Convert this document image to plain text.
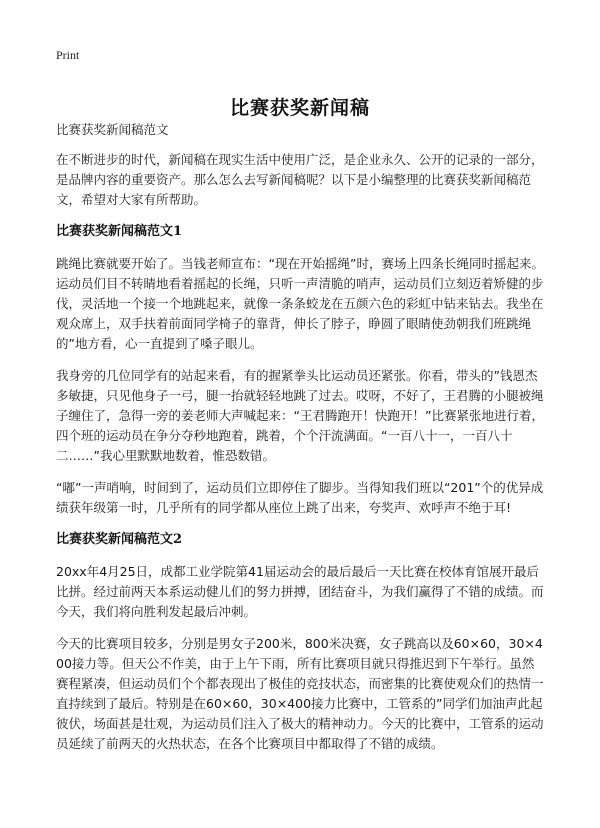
Print
比赛获奖新闻稿

比赛获奖新闻稿范文

在不断进步的时代，新闻稿在现实生活中使用广泛，是企业永久、公开的记录的一部分，是品牌内容的重要资产。那么怎么去写新闻稿呢？以下是小编整理的比赛获奖新闻稿范文，希望对大家有所帮助。

比赛获奖新闻稿范文1

跳绳比赛就要开始了。当钱老师宣布：“现在开始摇绳”时，赛场上四条长绳同时摇起来。运动员们目不转睛地看着摇起的长绳，只听一声清脆的哨声，运动员们立刻迈着矫健的步伐，灵活地一个接一个地跳起来，就像一条条蛟龙在五颜六色的彩虹中钻来钻去。我坐在观众席上，双手扶着前面同学椅子的靠背，伸长了脖子，睁圆了眼睛使劲朝我们班跳绳的”地方看，心一直提到了嗓子眼儿。

我身旁的几位同学有的站起来看，有的握紧拳头比运动员还紧张。你看，带头的”钱恩杰多敏捷，只见他身子一弓，腿一抬就轻轻地跳了过去。哎呀，不好了，王君腾的小腿被绳子缠住了，急得一旁的姜老师大声喊起来：“王君腾跑开！快跑开！”比赛紧张地进行着，四个班的运动员在争分夺秒地跑着，跳着，个个汗流满面。“一百八十一，一百八十二……”我心里默默地数着，惟恐数错。

“嘟”一声哨响，时间到了，运动员们立即停住了脚步。当得知我们班以“201”个的优异成绩获年级第一时，几乎所有的同学都从座位上跳了出来，夸奖声、欢呼声不绝于耳!

比赛获奖新闻稿范文2

20xx年4月25日，成都工业学院第41届运动会的最后最后一天比赛在校体育馆展开最后比拼。经过前两天本系运动健儿们的努力拼搏，团结奋斗，为我们赢得了不错的成绩。而今天，我们将向胜利发起最后冲刺。

今天的比赛项目较多，分别是男女子200米，800米决赛，女子跳高以及60×60，30×400接力等。但天公不作美，由于上午下雨，所有比赛项目就只得推迟到下午举行。虽然赛程紧凑，但运动员们个个都表现出了极佳的竞技状态，而密集的比赛使观众们的热情一直持续到了最后。特别是在60×60，30×400接力比赛中，工管系的”同学们加油声此起彼伏，场面甚是壮观，为运动员们注入了极大的精神动力。今天的比赛中，工管系的运动员延续了前两天的火热状态，在各个比赛项目中都取得了不错的成绩。
